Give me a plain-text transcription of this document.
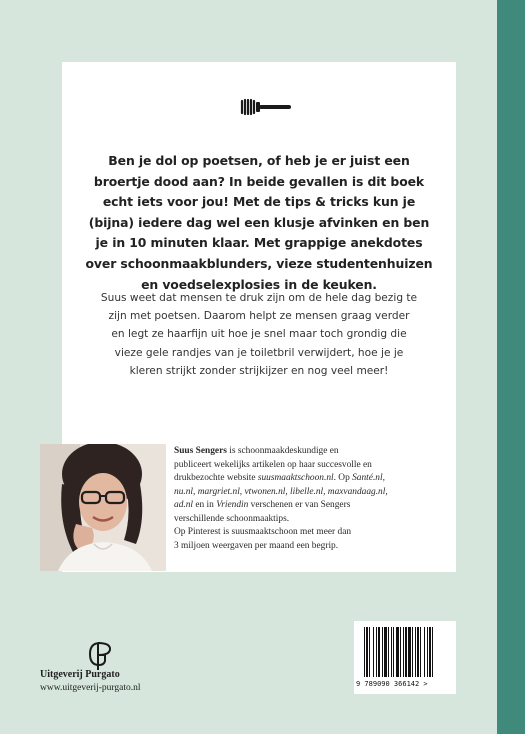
Ben je dol op poetsen, of heb je er juist een
broertje dood aan? In beide gevallen is dit boek
echt iets voor jou! Met de tips & tricks kun je
(bijna) iedere dag wel een klusje afvinken en ben
je in 10 minuten klaar. Met grappige anekdotes
over schoonmaakblunders, vieze studentenhuizen
en voedselexplosies in de keuken.
Suus weet dat mensen te druk zijn om de hele dag bezig te
zijn met poetsen. Daarom helpt ze mensen graag verder
en legt ze haarfijn uit hoe je snel maar toch grondig die
vieze gele randjes van je toiletbril verwijdert, hoe je je
kleren strijkt zonder strijkijzer en nog veel meer!
Suus Sengers is schoonmaakdeskundige en
publiceert wekelijks artikelen op haar succesvolle en
drukbezochte website suusmaaktschoon.nl. Op Santé.nl,
nu.nl, margriet.nl, vtwonen.nl, libelle.nl, maxvandaag.nl,
ad.nl en in Vriendin verschenen er van Sengers
verschillende schoonmaaktips.
Op Pinterest is suusmaaktschoon met meer dan
3 miljoen weergaven per maand een begrip.
Uitgeverij Purgato
www.uitgeverij-purgato.nl	9 789090 366142 >
